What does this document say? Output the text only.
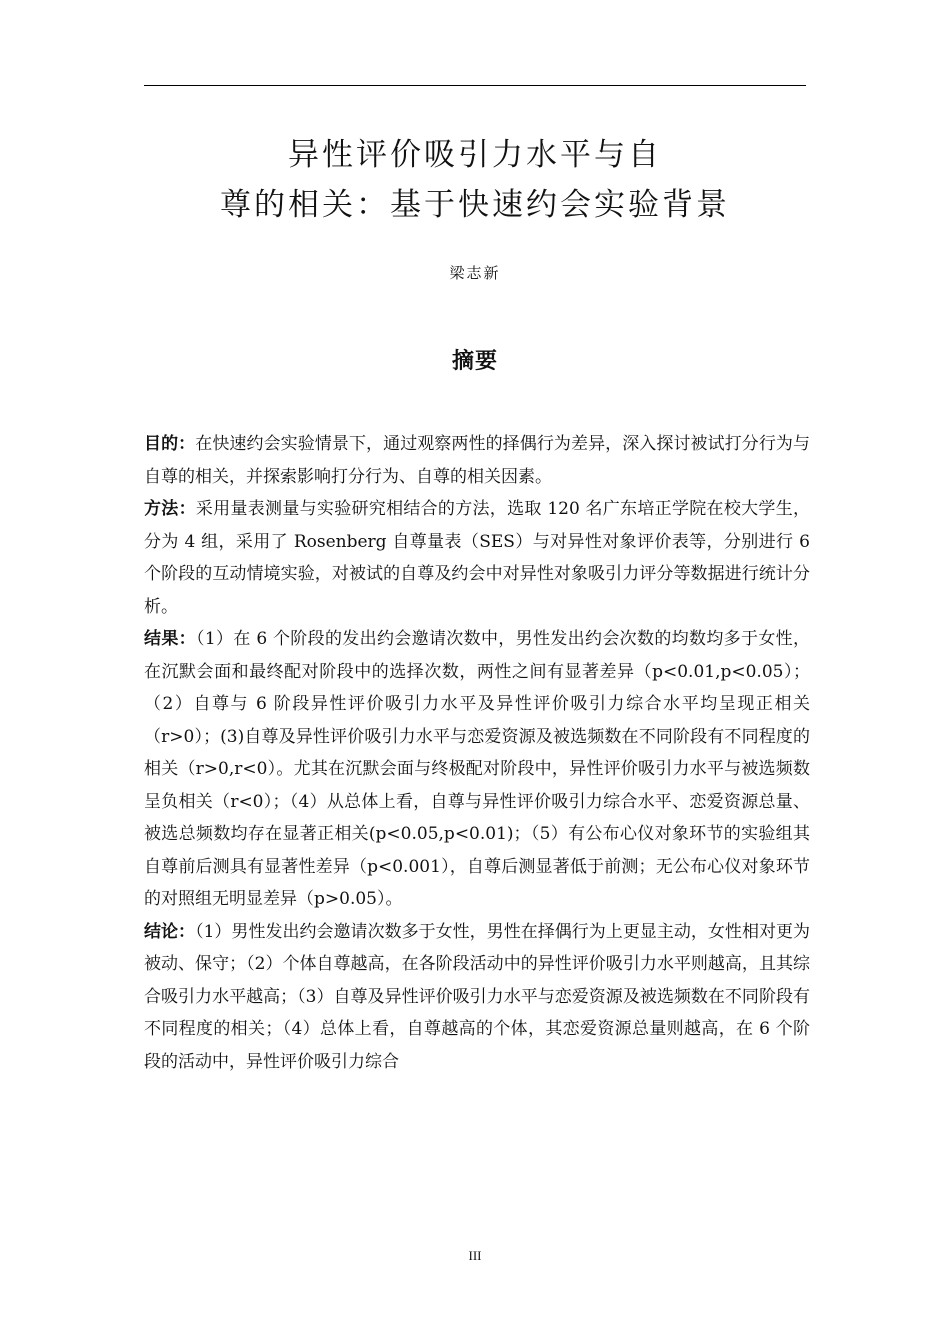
异性评价吸引力水平与自
尊的相关：基于快速约会实验背景
梁志新
摘要

目的：在快速约会实验情景下，通过观察两性的择偶行为差异，深入探讨被试打分行为与自尊的相关，并探索影响打分行为、自尊的相关因素。

方法：采用量表测量与实验研究相结合的方法，选取 120 名广东培正学院在校大学生，分为 4 组，采用了 Rosenberg 自尊量表（SES）与对异性对象评价表等，分别进行 6 个阶段的互动情境实验，对被试的自尊及约会中对异性对象吸引力评分等数据进行统计分析。

结果：（1）在 6 个阶段的发出约会邀请次数中，男性发出约会次数的均数均多于女性，在沉默会面和最终配对阶段中的选择次数，两性之间有显著差异（p<0.01,p<0.05）；（2）自尊与 6 阶段异性评价吸引力水平及异性评价吸引力综合水平均呈现正相关（r>0）；(3)自尊及异性评价吸引力水平与恋爱资源及被选频数在不同阶段有不同程度的相关（r>0,r<0）。尤其在沉默会面与终极配对阶段中，异性评价吸引力水平与被选频数呈负相关（r<0）；（4）从总体上看，自尊与异性评价吸引力综合水平、恋爱资源总量、被选总频数均存在显著正相关(p<0.05,p<0.01)；（5）有公布心仪对象环节的实验组其自尊前后测具有显著性差异（p<0.001），自尊后测显著低于前测；无公布心仪对象环节的对照组无明显差异（p>0.05）。

结论：（1）男性发出约会邀请次数多于女性，男性在择偶行为上更显主动，女性相对更为被动、保守；（2）个体自尊越高，在各阶段活动中的异性评价吸引力水平则越高，且其综合吸引力水平越高；（3）自尊及异性评价吸引力水平与恋爱资源及被选频数在不同阶段有不同程度的相关；（4）总体上看，自尊越高的个体，其恋爱资源总量则越高，在 6 个阶段的活动中，异性评价吸引力综合

III
